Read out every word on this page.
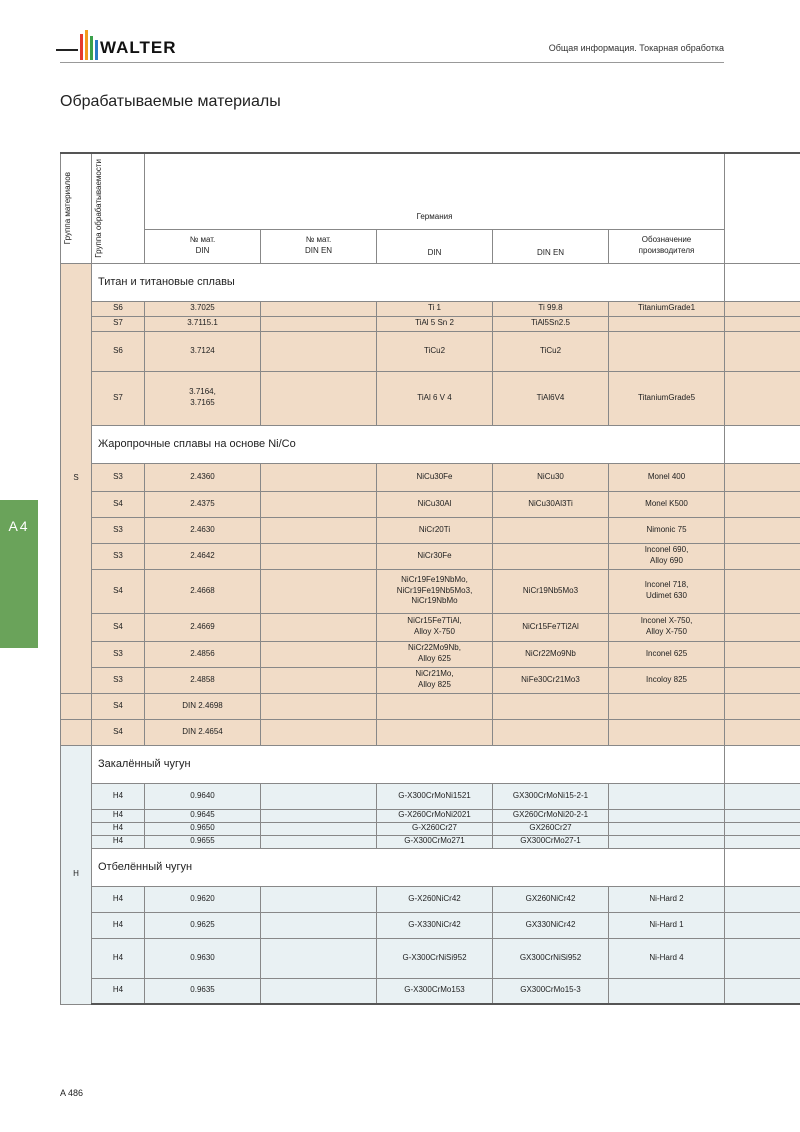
WALTER	Общая информация. Токарная обработка
Обрабатываемые материалы
A4
Группа материалов	Группа обрабатываемости	Германия					
		№ мат.
DIN	№ мат.
DIN EN	DIN	DIN EN	Обозначение
производителя	
S	Титан и титановые сплавы						
	S6	3.7025		Ti 1	Ti 99.8	TitaniumGrade1	
	S7	3.7115.1		TiAl 5 Sn 2	TiAl5Sn2.5		
	S6	3.7124		TiCu2	TiCu2		
	S7	3.7164,
3.7165		TiAl 6 V 4	TiAl6V4	TitaniumGrade5	
	Жаропрочные сплавы на основе Ni/Co						
	S3	2.4360		NiCu30Fe	NiCu30	Monel 400	
	S4	2.4375		NiCu30Al	NiCu30Al3Ti	Monel K500	
	S3	2.4630		NiCr20Ti		Nimonic 75	
	S3	2.4642		NiCr30Fe		Inconel 690,
Alloy 690	
	S4	2.4668		NiCr19Fe19NbMo,
NiCr19Fe19Nb5Mo3,
NiCr19NbMo	NiCr19Nb5Mo3	Inconel 718,
Udimet 630	
	S4	2.4669		NiCr15Fe7TiAl,
Alloy X-750	NiCr15Fe7Ti2Al	Inconel X-750,
Alloy X-750	
	S3	2.4856		NiCr22Mo9Nb,
Alloy 625	NiCr22Mo9Nb	Inconel 625	
	S3	2.4858		NiCr21Mo,
Alloy 825	NiFe30Cr21Mo3	Incoloy 825	
	S4	DIN 2.4698					
	S4	DIN 2.4654					
H	Закалённый чугун						
	H4	0.9640		G-X300CrMoNi1521	GX300CrMoNi15-2-1		
	H4	0.9645		G-X260CrMoNi2021	GX260CrMoNi20-2-1		
	H4	0.9650		G-X260Cr27	GX260Cr27		
	H4	0.9655		G-X300CrMo271	GX300CrMo27-1		
	Отбелённый чугун						
	H4	0.9620		G-X260NiCr42	GX260NiCr42	Ni-Hard 2	
	H4	0.9625		G-X330NiCr42	GX330NiCr42	Ni-Hard 1	
	H4	0.9630		G-X300CrNiSi952	GX300CrNiSi952	Ni-Hard 4	
	H4	0.9635		G-X300CrMo153	GX300CrMo15-3		
A 486
